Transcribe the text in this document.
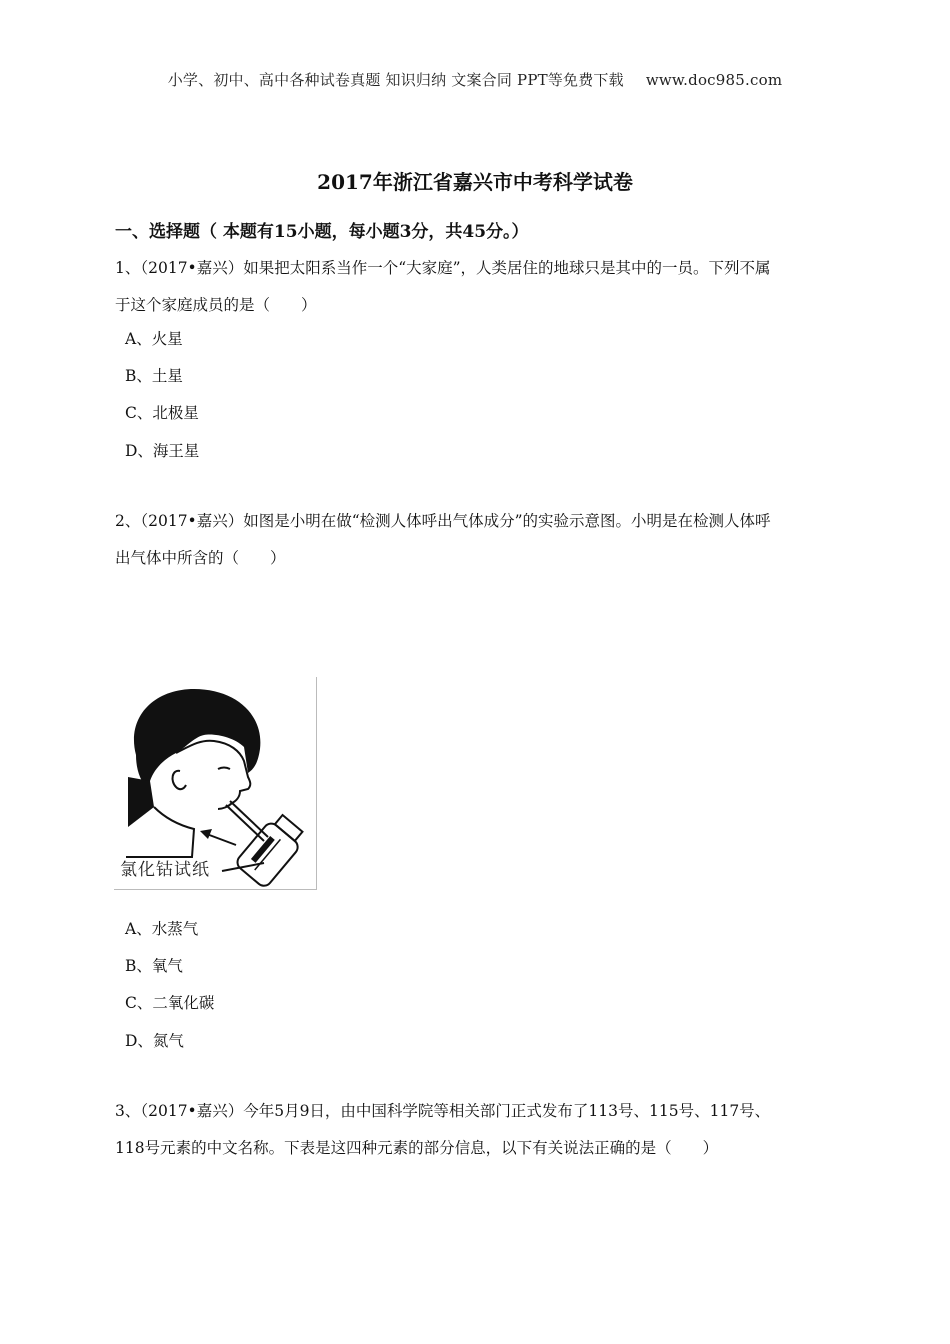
小学、初中、高中各种试卷真题 知识归纳 文案合同 PPT等免费下载 www.doc985.com
2017年浙江省嘉兴市中考科学试卷
一、选择题（ 本题有15小题，每小题3分，共45分。）
1、（2017•嘉兴）如果把太阳系当作一个“大家庭”，人类居住的地球只是其中的一员。下列不属
于这个家庭成员的是（　　）
A、火星
B、土星
C、北极星
D、海王星
2、（2017•嘉兴）如图是小明在做“检测人体呼出气体成分”的实验示意图。小明是在检测人体呼
出气体中所含的（　　）
氯化钴试纸
A、水蒸气
B、氧气
C、二氧化碳
D、氮气
3、（2017•嘉兴）今年5月9日，由中国科学院等相关部门正式发布了113号、115号、117号、
118号元素的中文名称。下表是这四种元素的部分信息，以下有关说法正确的是（　　）
